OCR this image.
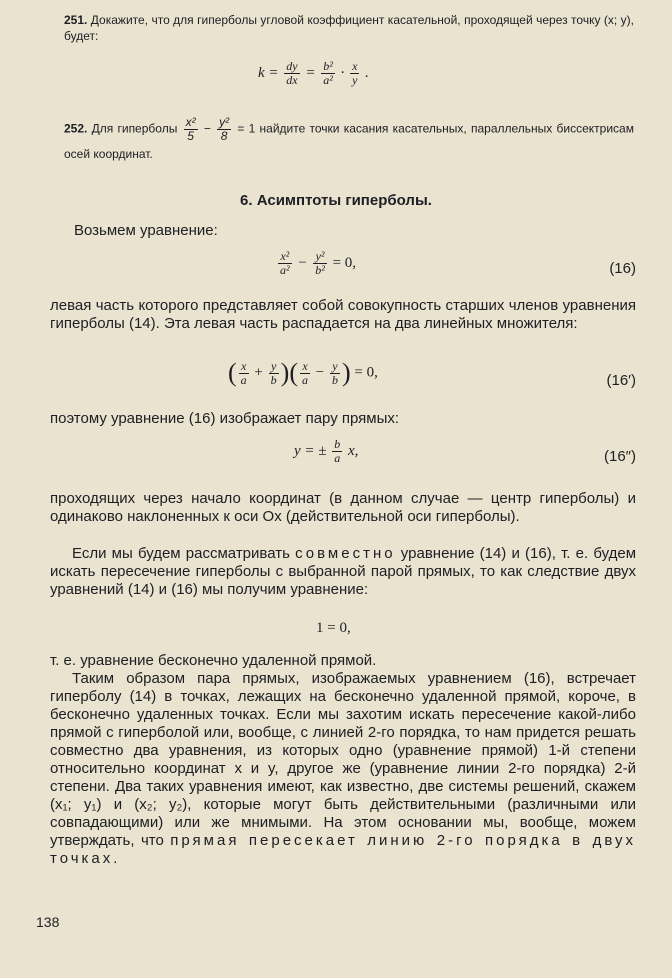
251. Докажите, что для гиперболы угловой коэффициент касательной, проходящей через точку (x; y), будет:
$k = \frac{dy}{dx} = \frac{\text{b²}}{\text{a²}} \cdot \frac{x}{y}$ .
252. Для гиперболы $\frac{\text{x²}}{5} - \frac{\text{y²}}{8} = 1$ найдите точки касания касательных, параллельных биссектрисам осей координат.
6. Асимптоты гиперболы.
Возьмем уравнение:
$\frac{\text{x²}}{\text{a²}} - \frac{\text{y²}}{\text{b²}} = 0$,	(16)
левая часть которого представляет собой совокупность старших членов уравнения гиперболы (14). Эта левая часть распадается на два линейных множителя:
( $\frac{x}{a} + \frac{y}{b}$ )( $\frac{x}{a} - \frac{y}{b}$ ) = 0,	(16′)
поэтому уравнение (16) изображает пару прямых:
y = ± $\frac{b}{a} x$,	(16″)
проходящих через начало координат (в данном случае — центр гиперболы) и одинаково наклоненных к оси Ox (действительной оси гиперболы).
Если мы будем рассматривать совместно уравнение (14) и (16), т. е. будем искать пересечение гиперболы с выбранной парой прямых, то как следствие двух уравнений (14) и (16) мы получим уравнение:
1 = 0,
т. е. уравнение бесконечно удаленной прямой.
Таким образом пара прямых, изображаемых уравнением (16), встречает гиперболу (14) в точках, лежащих на бесконечно удаленной прямой, короче, в бесконечно удаленных точках. Если мы захотим искать пересечение какой-либо прямой с гиперболой или, вообще, с линией 2-го порядка, то нам придется решать совместно два уравнения, из которых одно (уравнение прямой) 1-й степени относительно координат x и y, другое же (уравнение линии 2-го порядка) 2-й степени. Два таких уравнения имеют, как известно, две системы решений, скажем (x₁; y₁) и (x₂; y₂), которые могут быть действительными (различными или совпадающими) или же мнимыми. На этом основании мы, вообще, можем утверждать, что прямая пересекает линию 2-го порядка в двух точках.
138
